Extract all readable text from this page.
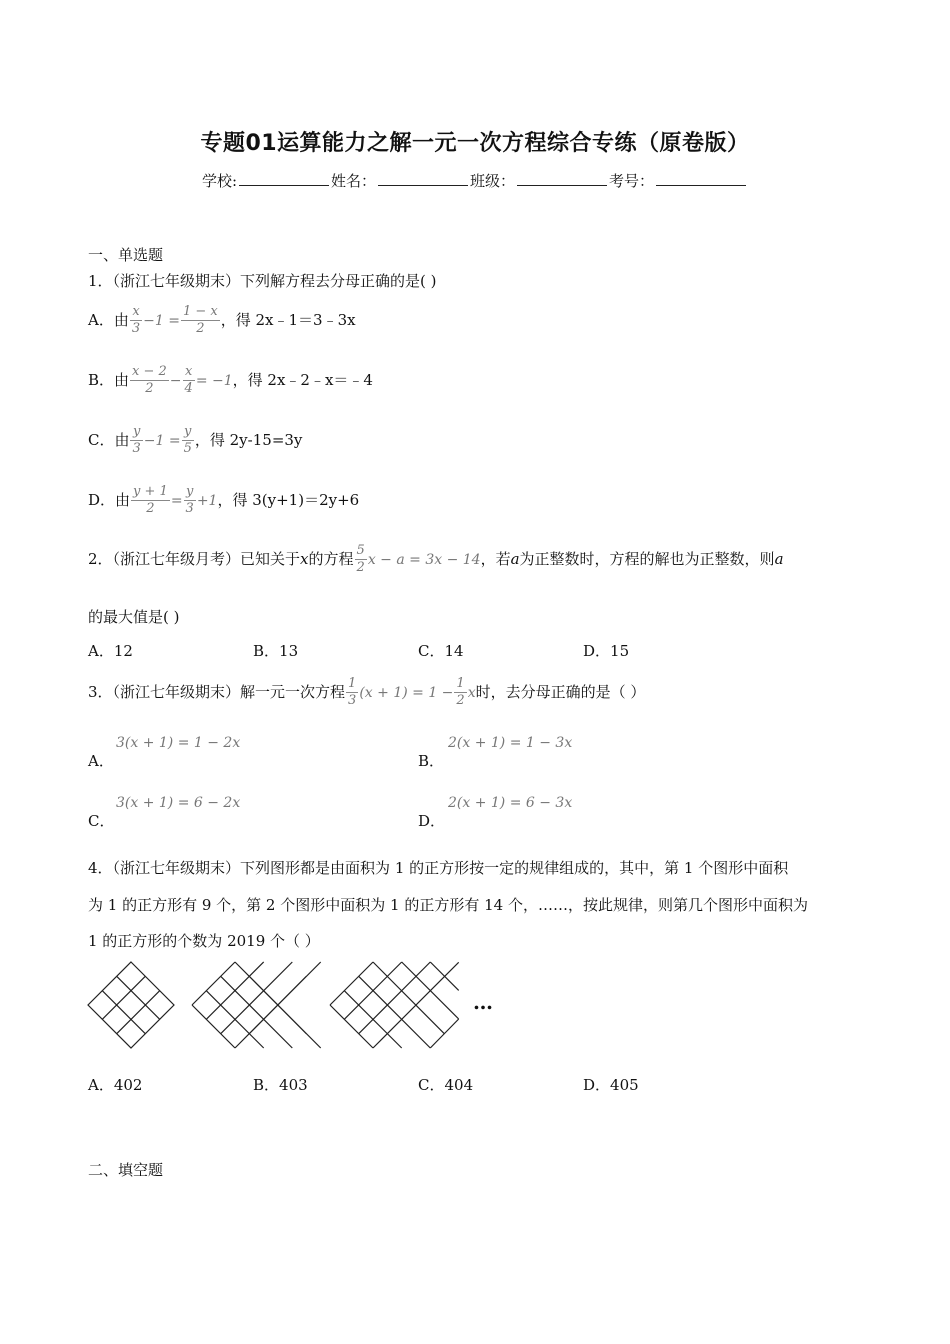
专题01运算能力之解一元一次方程综合专练（原卷版）
学校:	姓名：	班级：	考号：
一、单选题
1．（浙江七年级期末）下列解方程去分母正确的是( )
A．由 $\frac{x}{3} -1 = \frac{1 - x}{2}$ ，得 2x﹣1＝3﹣3x
B．由 $\frac{x - 2}{2} - \frac{x}{4} = -1$，得 2x﹣2﹣x＝﹣4
C．由 $\frac{y}{3} -1 = \frac{y}{5}$ ，得 2y-15=3y
D．由 $\frac{y + 1}{2} = \frac{y}{3} +1$，得 3(y+1)＝2y+6
2．（浙江七年级月考）已知关于x的方程 $\frac{5}{2}$ x − a = 3x − 14，若a为正整数时，方程的解也为正整数，则a
的最大值是( )
A．12	B．13	C．14	D．15
3．（浙江七年级期末）解一元一次方程 $\frac{1}{3} (x + 1) = 1 - \frac{1}{2}$ x时，去分母正确的是（ ）
A．
3(x + 1) = 1 − 2x
B．
2(x + 1) = 1 − 3x
C．
3(x + 1) = 6 − 2x
D．
2(x + 1) = 6 − 3x
4．（浙江七年级期末）下列图形都是由面积为 1 的正方形按一定的规律组成的，其中，第 1 个图形中面积
为 1 的正方形有 9 个，第 2 个图形中面积为 1 的正方形有 14 个，……，按此规律，则第几个图形中面积为
1 的正方形的个数为 2019 个（ ）
…
A．402	B．403	C．404	D．405
二、填空题
